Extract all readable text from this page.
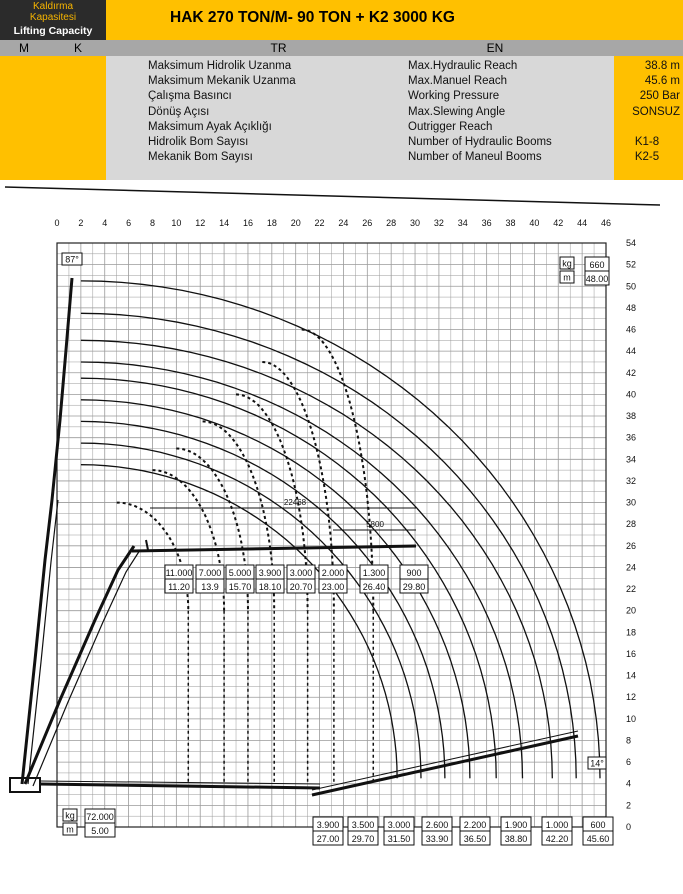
Kaldırma
Kapasitesi
Lifting Capacity
HAK 270 TON/M- 90 TON + K2 3000 KG
M	K	TR	EN
Maksimum Hidrolik Uzanma	Max.Hydraulic Reach	38.8 m
Maksimum Mekanik Uzanma	Max.Manuel Reach	45.6 m
Çalışma Basıncı	Working Pressure	250 Bar
Dönüş Açısı	Max.Slewing Angle	SONSUZ
Maksimum Ayak Açıklığı	Outrigger Reach
Hidrolik Bom Sayısı	Number of Hydraulic Booms	K1-8
Mekanik Bom Sayısı	Number of Maneul Booms	K2-5
0 2 4 6 8 10 12 14 16 18 20 22 24 26 28 30 32 34 36 38 40 42 44 46
0
2
4
6
8
10
12
14
16
18
20
22
24
26
28
30
32
34
36
38
40
42
44
46
48
50
52
54
22468
5800
87°
14°
kg
m
660
48.00
kg
m
72.000
5.00
11.000
11.20
7.000
13.9
5.000
15.70
3.900
18.10
3.000
20.70
2.000
23.00
1.300
26.40
900
29.80
3.900
27.00
3.500
29.70
3.000
31.50
2.600
33.90
2.200
36.50
1.900
38.80
1.000
42.20
600
45.60
